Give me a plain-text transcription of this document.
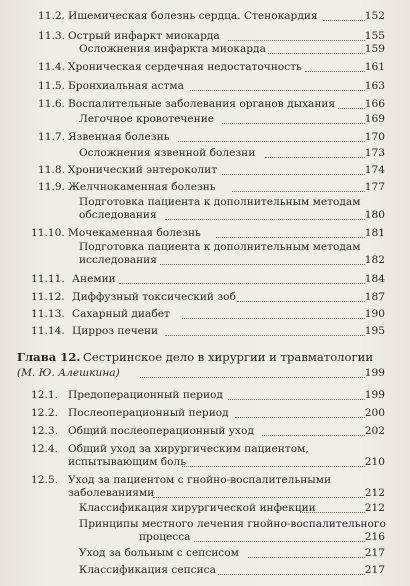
11.2. Ишемическая болезнь сердца. Стенокардия	152
11.3. Острый инфаркт миокарда	155
Осложнения инфаркта миокарда	159
11.4. Хроническая сердечная недостаточность	161
11.5. Бронхиальная астма	163
11.6. Воспалительные заболевания органов дыхания	166
Легочное кровотечение	169
11.7. Язвенная болезнь	170
Осложнения язвенной болезни	173
11.8. Хронический энтероколит	174
11.9. Желчнокаменная болезнь	177
Подготовка пациента к дополнительным методам
обследования	180
11.10. Мочекаменная болезнь	181
Подготовка пациента к дополнительным методам
исследования	182
11.11. Анемии	184
11.12. Диффузный токсический зоб	187
11.13. Сахарный диабет	190
11.14. Цирроз печени	195
Глава 12. Сестринское дело в хирургии и травматологии
(М. Ю. Алешкина)	199
12.1. Предоперационный период	199
12.2. Послеоперационный период	200
12.3. Общий послеоперационный уход	202
12.4. Общий уход за хирургическим пациентом,
испытывающим боль	210
12.5. Уход за пациентом с гнойно-воспалительными
заболеваниями	212
Классификация хирургической инфекции	212
Принципы местного лечения гнойно-воспалительного
процесса	216
Уход за больным с сепсисом	217
Классификация сепсиса	217
